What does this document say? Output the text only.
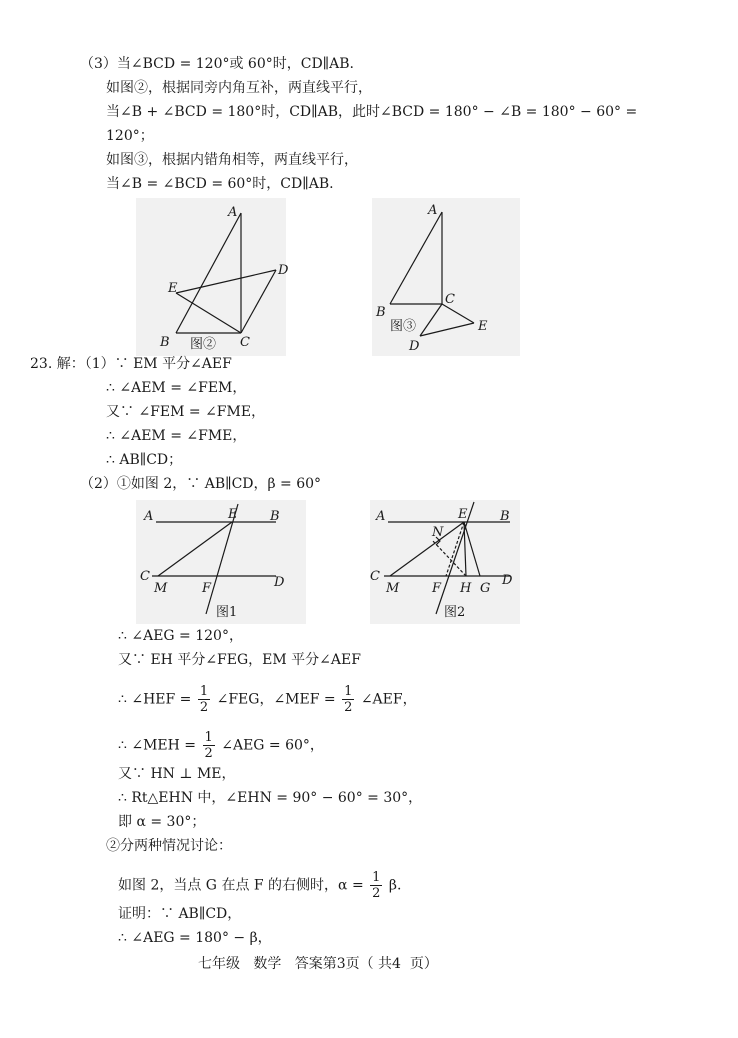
（3）当∠BCD = 120°或 60°时，CD∥AB.
如图②，根据同旁内角互补，两直线平行，
当∠B + ∠BCD = 180°时，CD∥AB，此时∠BCD = 180° − ∠B = 180° − 60° =
120°；
如图③，根据内错角相等，两直线平行，
当∠B = ∠BCD = 60°时，CD∥AB.
A
D
E
B	C
图②
A
B
C
E
D
图③
23. 解：（1）∵ EM 平分∠AEF
∴ ∠AEM = ∠FEM，
又∵ ∠FEM = ∠FME，
∴ ∠AEM = ∠FME，
∴ AB∥CD；
（2）①如图 2，∵ AB∥CD，β = 60°
A	E	B
C
M	F	D
图1
A	E	B
N
C
M	F H G
D
图2
∴ ∠AEG = 120°，
又∵ EH 平分∠FEG，EM 平分∠AEF
∴ ∠HEF = $\frac{1}{2}$ ∠FEG，∠MEF = $\frac{1}{2}$ ∠AEF，
∴ ∠MEH = $\frac{1}{2}$ ∠AEG = 60°，
又∵ HN ⊥ ME，
∴ Rt△EHN 中，∠EHN = 90° − 60° = 30°，
即 α = 30°；
②分两种情况讨论：
如图 2，当点 G 在点 F 的右侧时，$\alpha = \frac{1}{2} \beta$.
证明：∵ AB∥CD，
∴ ∠AEG = 180° − β，
七年级   数学   答案第3页（ 共4  页）
